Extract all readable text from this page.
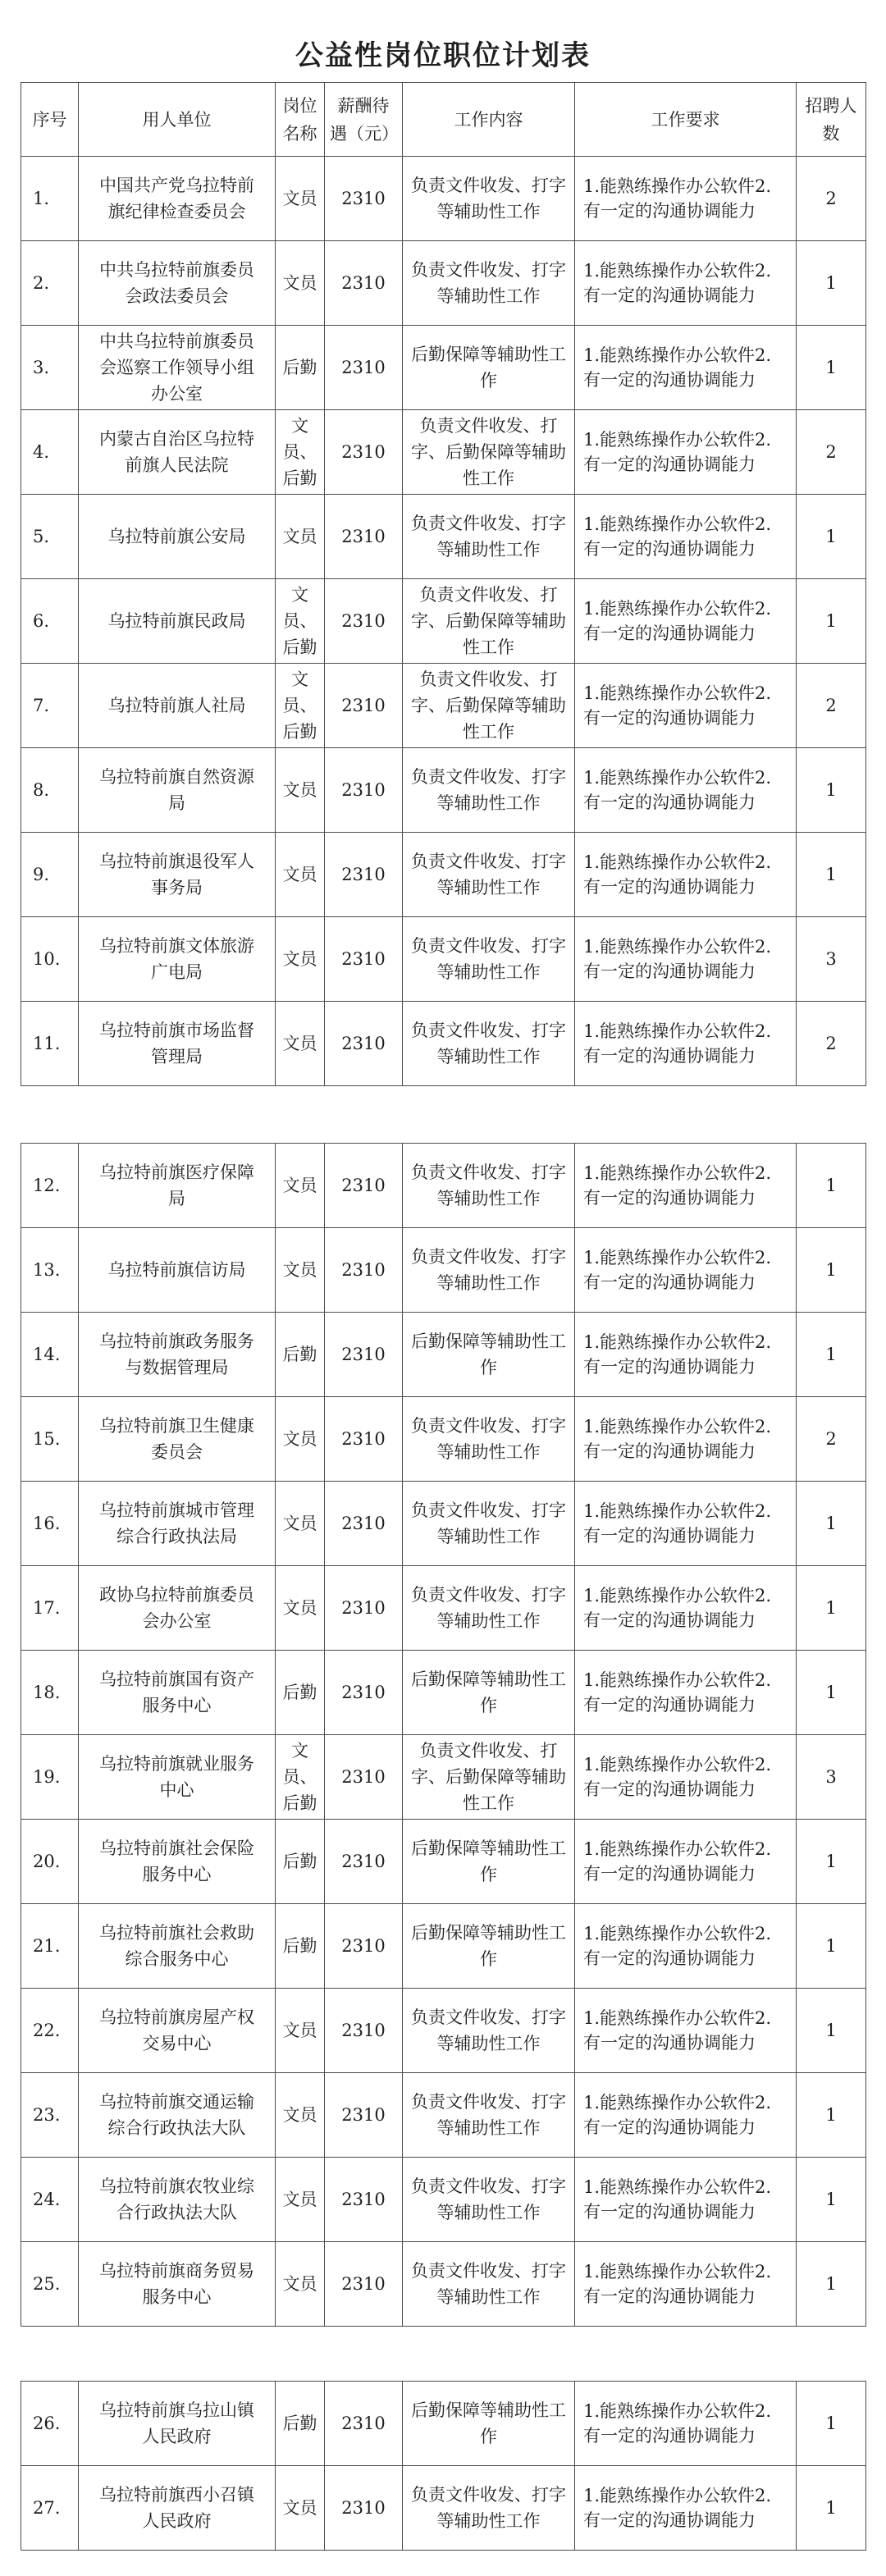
公益性岗位职位计划表
序号	用人单位	岗位名称	薪酬待遇（元）	工作内容	工作要求	招聘人数
1.	中国共产党乌拉特前旗纪律检查委员会	文员	2310	负责文件收发、打字等辅助性工作	1.能熟练操作办公软件2.有一定的沟通协调能力	2
2.	中共乌拉特前旗委员会政法委员会	文员	2310	负责文件收发、打字等辅助性工作	1.能熟练操作办公软件2.有一定的沟通协调能力	1
3.	中共乌拉特前旗委员会巡察工作领导小组办公室	后勤	2310	后勤保障等辅助性工作	1.能熟练操作办公软件2.有一定的沟通协调能力	1
4.	内蒙古自治区乌拉特前旗人民法院	文员、后勤	2310	负责文件收发、打字、后勤保障等辅助性工作	1.能熟练操作办公软件2.有一定的沟通协调能力	2
5.	乌拉特前旗公安局	文员	2310	负责文件收发、打字等辅助性工作	1.能熟练操作办公软件2.有一定的沟通协调能力	1
6.	乌拉特前旗民政局	文员、后勤	2310	负责文件收发、打字、后勤保障等辅助性工作	1.能熟练操作办公软件2.有一定的沟通协调能力	1
7.	乌拉特前旗人社局	文员、后勤	2310	负责文件收发、打字、后勤保障等辅助性工作	1.能熟练操作办公软件2.有一定的沟通协调能力	2
8.	乌拉特前旗自然资源局	文员	2310	负责文件收发、打字等辅助性工作	1.能熟练操作办公软件2.有一定的沟通协调能力	1
9.	乌拉特前旗退役军人事务局	文员	2310	负责文件收发、打字等辅助性工作	1.能熟练操作办公软件2.有一定的沟通协调能力	1
10.	乌拉特前旗文体旅游广电局	文员	2310	负责文件收发、打字等辅助性工作	1.能熟练操作办公软件2.有一定的沟通协调能力	3
11.	乌拉特前旗市场监督管理局	文员	2310	负责文件收发、打字等辅助性工作	1.能熟练操作办公软件2.有一定的沟通协调能力	2
12.	乌拉特前旗医疗保障局	文员	2310	负责文件收发、打字等辅助性工作	1.能熟练操作办公软件2.有一定的沟通协调能力	1
13.	乌拉特前旗信访局	文员	2310	负责文件收发、打字等辅助性工作	1.能熟练操作办公软件2.有一定的沟通协调能力	1
14.	乌拉特前旗政务服务与数据管理局	后勤	2310	后勤保障等辅助性工作	1.能熟练操作办公软件2.有一定的沟通协调能力	1
15.	乌拉特前旗卫生健康委员会	文员	2310	负责文件收发、打字等辅助性工作	1.能熟练操作办公软件2.有一定的沟通协调能力	2
16.	乌拉特前旗城市管理综合行政执法局	文员	2310	负责文件收发、打字等辅助性工作	1.能熟练操作办公软件2.有一定的沟通协调能力	1
17.	政协乌拉特前旗委员会办公室	文员	2310	负责文件收发、打字等辅助性工作	1.能熟练操作办公软件2.有一定的沟通协调能力	1
18.	乌拉特前旗国有资产服务中心	后勤	2310	后勤保障等辅助性工作	1.能熟练操作办公软件2.有一定的沟通协调能力	1
19.	乌拉特前旗就业服务中心	文员、后勤	2310	负责文件收发、打字、后勤保障等辅助性工作	1.能熟练操作办公软件2.有一定的沟通协调能力	3
20.	乌拉特前旗社会保险服务中心	后勤	2310	后勤保障等辅助性工作	1.能熟练操作办公软件2.有一定的沟通协调能力	1
21.	乌拉特前旗社会救助综合服务中心	后勤	2310	后勤保障等辅助性工作	1.能熟练操作办公软件2.有一定的沟通协调能力	1
22.	乌拉特前旗房屋产权交易中心	文员	2310	负责文件收发、打字等辅助性工作	1.能熟练操作办公软件2.有一定的沟通协调能力	1
23.	乌拉特前旗交通运输综合行政执法大队	文员	2310	负责文件收发、打字等辅助性工作	1.能熟练操作办公软件2.有一定的沟通协调能力	1
24.	乌拉特前旗农牧业综合行政执法大队	文员	2310	负责文件收发、打字等辅助性工作	1.能熟练操作办公软件2.有一定的沟通协调能力	1
25.	乌拉特前旗商务贸易服务中心	文员	2310	负责文件收发、打字等辅助性工作	1.能熟练操作办公软件2.有一定的沟通协调能力	1
26.	乌拉特前旗乌拉山镇人民政府	后勤	2310	后勤保障等辅助性工作	1.能熟练操作办公软件2.有一定的沟通协调能力	1
27.	乌拉特前旗西小召镇人民政府	文员	2310	负责文件收发、打字等辅助性工作	1.能熟练操作办公软件2.有一定的沟通协调能力	1
